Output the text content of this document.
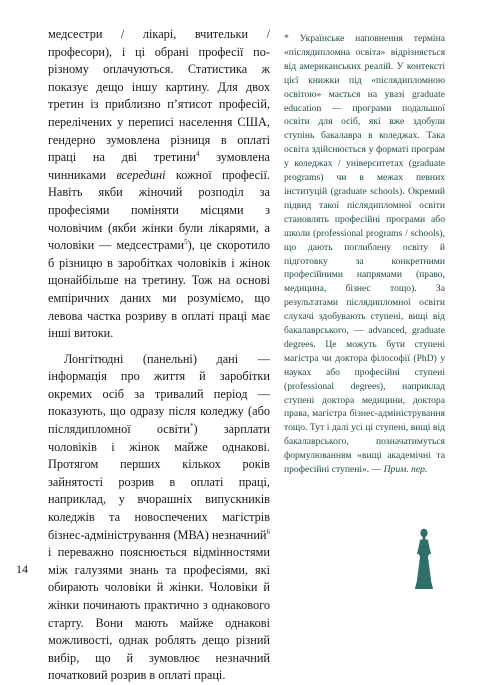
медсестри / лікарі, вчительки / професори), і ці обрані професії по-різному оплачуються. Статистика ж показує дещо іншу картину. Для двох третин із приблизно п’ятисот професій, перелічених у переписі населення США, гендерно зумовлена різниця в оплаті праці на дві третини$^4$ зумовлена чинниками всередині кожної професії. Навіть якби жіночий розподіл за професіями поміняти місцями з чоловічим (якби жінки були лікарями, а чоловіки — медсестрами$^5$), це скоротило б різницю в заробітках чоловіків і жінок щонайбільше на третину. Тож на основі емпіричних даних ми розуміємо, що левова частка розриву в оплаті праці має інші витоки.

Лонгітюдні (панельні) дані — інформація про життя й заробітки окремих осіб за тривалий період — показують, що одразу після коледжу (або післядипломної освіти*) зарплати чоловіків і жінок майже однакові. Протягом перших кількох років зайнятості розрив в оплаті праці, наприклад, у вчорашніх випускників коледжів та новоспечених магістрів бізнес-адміністрування (МВА) незначний$^6$ і переважно пояснюється відмінностями між галузями знань та професіями, які обирають чоловіки й жінки. Чоловіки й жінки починають практично з однакового старту. Вони мають майже однакові можливості, однак роблять дещо різний вибір, що й зумовлює незначний початковий розрив в оплаті праці.

* Українське наповнення терміна «післядипломна освіта» відрізняється від американських реалій. У контексті цієї книжки під «післядипломною освітою» мається на увазі graduate education — програми подальшої освіти для осіб, які вже здобули ступінь бакалавра в коледжах. Така освіта здійснюється у форматі програм у коледжах / університетах (graduate programs) чи в межах певних інституцій (graduate schools). Окремий підвид такої післядипломної освіти становлять професійні програми або школи (professional programs / schools), що дають поглиблену освіту й підготовку за конкретними професійними напрямами (право, медицина, бізнес тощо). За результатами післядипломної освіти слухачі здобувають ступені, вищі від бакалаврського, — advanced, graduate degrees. Це можуть бути ступені магістра чи доктора філософії (PhD) у науках або професійні ступені (professional degrees), наприклад ступені доктора медицини, доктора права, магістра бізнес-адміністрування тощо. Тут і далі усі ці ступені, вищі від бакалаврського, позначатимуться формулюванням «вищі академічні та професійні ступені». — Прим. пер.

14
